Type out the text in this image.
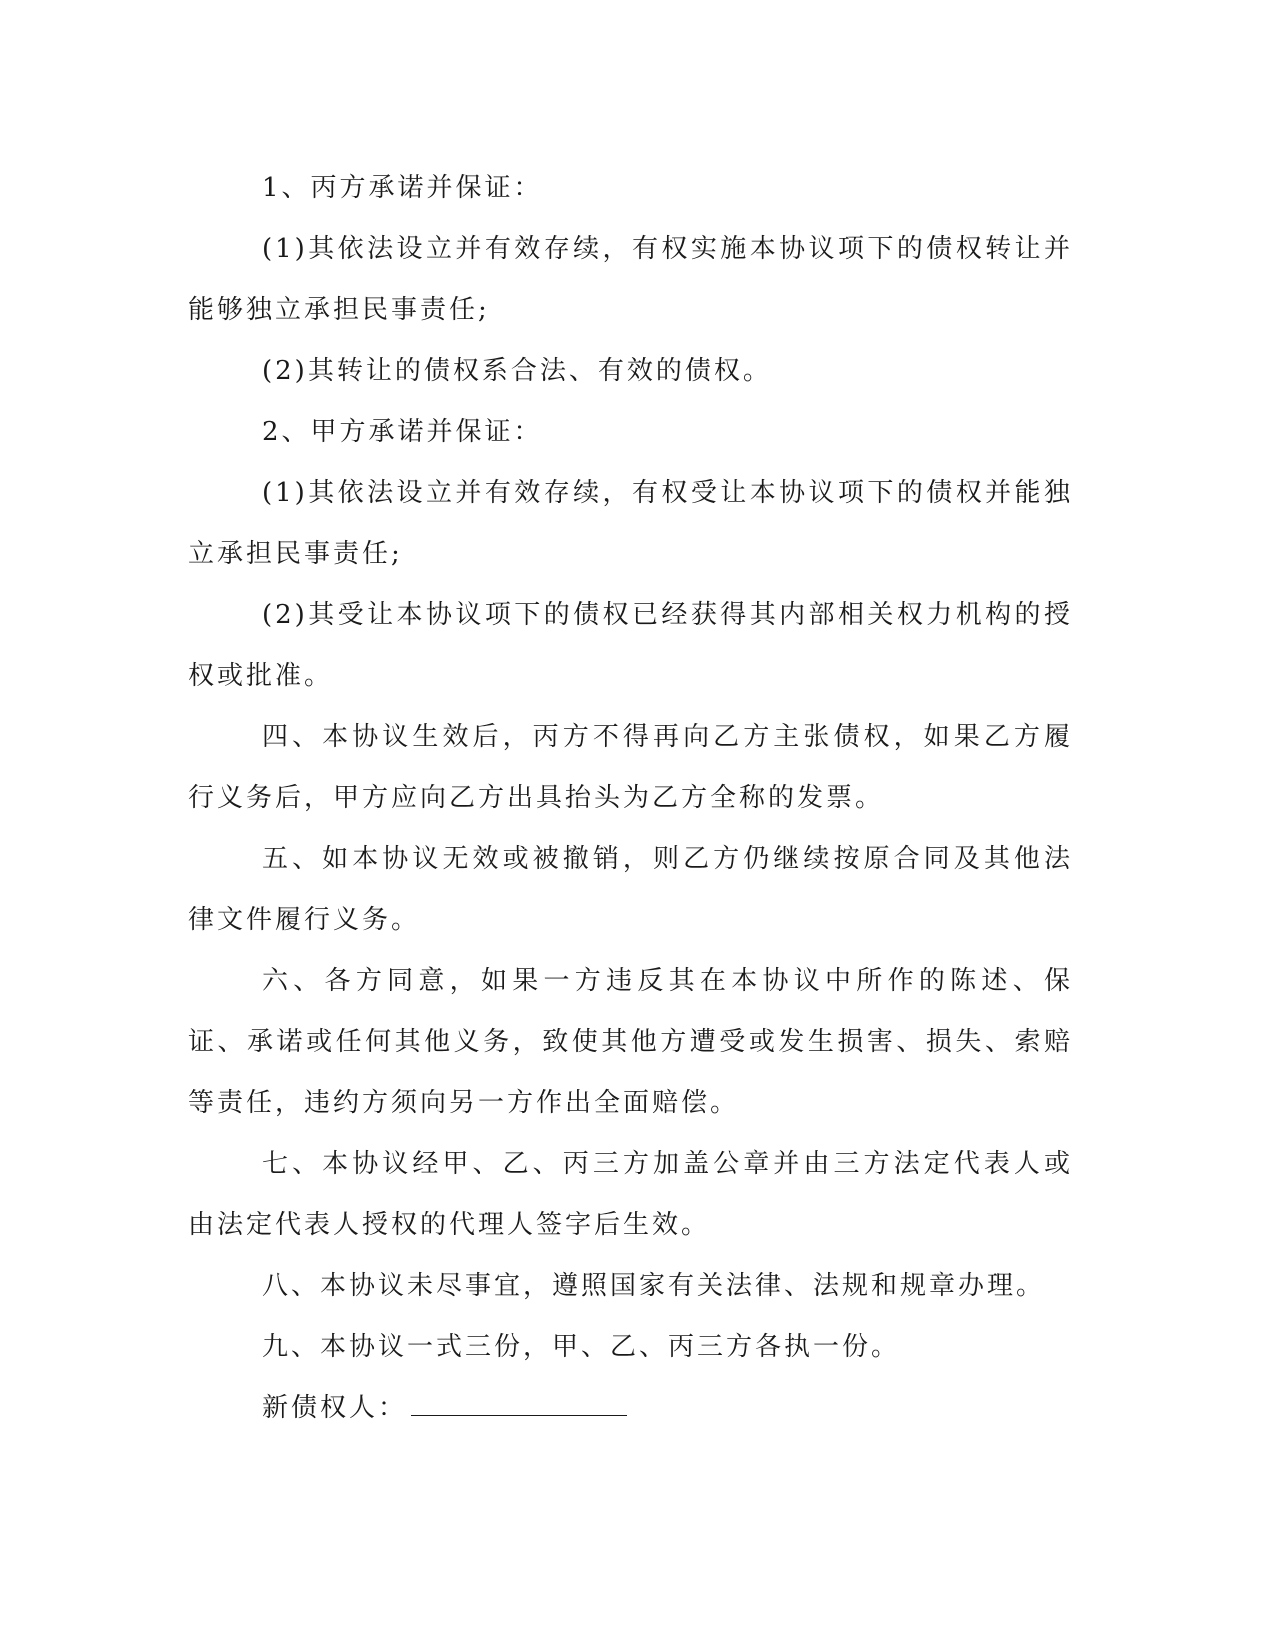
1、丙方承诺并保证：

(1)其依法设立并有效存续，有权实施本协议项下的债权转让并能够独立承担民事责任;

(2)其转让的债权系合法、有效的债权。

2、甲方承诺并保证：

(1)其依法设立并有效存续，有权受让本协议项下的债权并能独立承担民事责任;

(2)其受让本协议项下的债权已经获得其内部相关权力机构的授权或批准。

四、本协议生效后，丙方不得再向乙方主张债权，如果乙方履行义务后，甲方应向乙方出具抬头为乙方全称的发票。

五、如本协议无效或被撤销，则乙方仍继续按原合同及其他法律文件履行义务。

六、各方同意，如果一方违反其在本协议中所作的陈述、保证、承诺或任何其他义务，致使其他方遭受或发生损害、损失、索赔等责任，违约方须向另一方作出全面赔偿。

七、本协议经甲、乙、丙三方加盖公章并由三方法定代表人或由法定代表人授权的代理人签字后生效。

八、本协议未尽事宜，遵照国家有关法律、法规和规章办理。

九、本协议一式三份，甲、乙、丙三方各执一份。

新债权人：
